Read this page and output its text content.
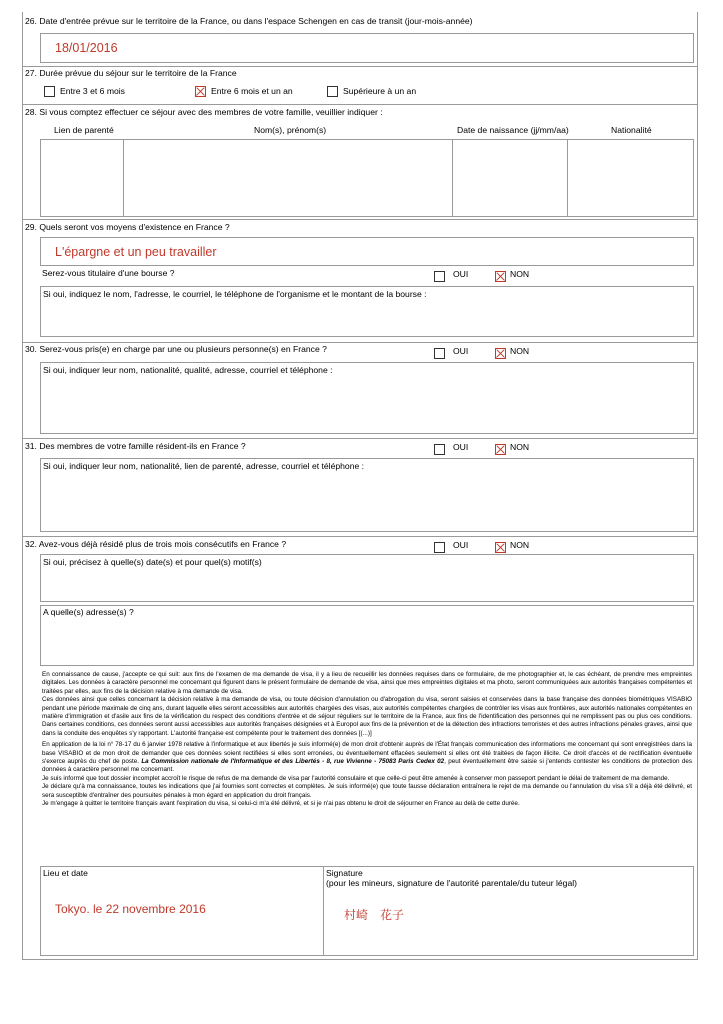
26. Date d'entrée prévue sur le territoire de la France, ou dans l'espace Schengen en cas de transit (jour-mois-année)
18/01/2016
27. Durée prévue du séjour sur le territoire de la France
Entre 3 et 6 mois	Entre 6 mois et un an	Supérieure à un an
28. Si vous comptez effectuer ce séjour avec des membres de votre famille, veuillier indiquer :
Lien de parenté	Nom(s), prénom(s)	Date de naissance (jj/mm/aa)	Nationalité
29. Quels seront vos moyens d'existence en France ?
L'épargne et un peu travailler
Serez-vous titulaire d'une bourse ?	OUI	NON
Si oui, indiquez le nom, l'adresse, le courriel, le téléphone de l'organisme et le montant de la bourse :
30. Serez-vous pris(e) en charge par une ou plusieurs personne(s) en France ?	OUI	NON
Si oui, indiquer leur nom, nationalité, qualité, adresse, courriel et téléphone :
31. Des membres de votre famille résident-ils en France ?	OUI	NON
Si oui, indiquer leur nom, nationalité, lien de parenté, adresse, courriel et téléphone :
32. Avez-vous déjà résidé plus de trois mois consécutifs en France ?	OUI	NON
Si oui, précisez à quelle(s) date(s) et pour quel(s) motif(s)
A quelle(s) adresse(s) ?

En connaissance de cause, j'accepte ce qui suit: aux fins de l'examen de ma demande de visa, il y a lieu de recueillir les données requises dans ce formulaire, de me photographier et, le cas échéant, de prendre mes empreintes digitales. Les données à caractère personnel me concernant qui figurent dans le présent formulaire de demande de visa, ainsi que mes empreintes digitales et ma photo, seront communiquées aux autorités françaises compétentes et traitées par elles, aux fins de la décision relative à ma demande de visa.

Ces données ainsi que celles concernant la décision relative à ma demande de visa, ou toute décision d'annulation ou d'abrogation du visa, seront saisies et conservées dans la base française des données biométriques VISABIO pendant une période maximale de cinq ans, durant laquelle elles seront accessibles aux autorités chargées des visas, aux autorités compétentes chargées de contrôler les visas aux frontières, aux autorités nationales compétentes en matière d'immigration et d'asile aux fins de la vérification du respect des conditions d'entrée et de séjour réguliers sur le territoire de la France, aux fins de l'identification des personnes qui ne remplissent pas ou plus ces conditions. Dans certaines conditions, ces données seront aussi accessibles aux autorités françaises désignées et à Europol aux fins de la prévention et de la détection des infractions terroristes et des autres infractions pénales graves, ainsi que dans la conduite des enquêtes s'y rapportant. L'autorité française est compétente pour le traitement des données [(...)]

En application de la loi n° 78-17 du 6 janvier 1978 relative à l'informatique et aux libertés je suis informé(e) de mon droit d'obtenir auprès de l'État français communication des informations me concernant qui sont enregistrées dans la base VISABIO et de mon droit de demander que ces données soient rectifiées si elles sont erronées, ou éventuellement effacées seulement si elles ont été traitées de façon illicite. Ce droit d'accès et de rectification éventuelle s'exerce auprès du chef de poste. La Commission nationale de l'Informatique et des Libertés - 8, rue Vivienne - 75083 Paris Cedex 02, peut éventuellement être saisie si j'entends contester les conditions de protection des données à caractère personnel me concernant.

Je suis informé que tout dossier incomplet accroît le risque de refus de ma demande de visa par l'autorité consulaire et que celle-ci peut être amenée à conserver mon passeport pendant le délai de traitement de ma demande.

Je déclare qu'à ma connaissance, toutes les indications que j'ai fournies sont correctes et complètes. Je suis informé(e) que toute fausse déclaration entraînera le rejet de ma demande ou l'annulation du visa s'il a déjà été délivré, et sera susceptible d'entraîner des poursuites pénales à mon égard en application du droit français.

Je m'engage à quitter le territoire français avant l'expiration du visa, si celui-ci m'a été délivré, et si je n'ai pas obtenu le droit de séjourner en France au delà de cette durée.

Lieu et date
Tokyo. le 22 novembre 2016
Signature
(pour les mineurs, signature de l'autorité parentale/du tuteur légal)
村崎　花子
